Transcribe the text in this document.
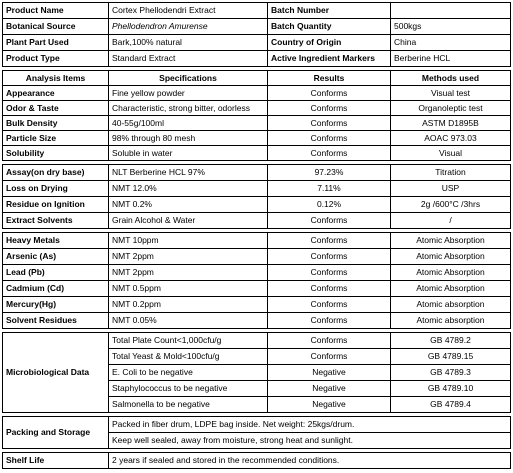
Product Name	Cortex Phellodendri Extract	Batch Number	
Botanical Source	Phellodendron Amurense	Batch Quantity	500kgs
Plant Part Used	Bark,100% natural	Country of Origin	China
Product Type	Standard Extract	Active Ingredient Markers	Berberine HCL

Analysis Items	Specifications	Results	Methods used
Appearance	Fine yellow powder	Conforms	Visual test
Odor & Taste	Characteristic, strong bitter, odorless	Conforms	Organoleptic test
Bulk Density	40-55g/100ml	Conforms	ASTM D1895B
Particle Size	98% through 80 mesh	Conforms	AOAC 973.03
Solubility	Soluble in water	Conforms	Visual

Assay(on dry base)	NLT Berberine HCL 97%	97.23%	Titration
Loss on Drying	NMT 12.0%	7.11%	USP
Residue on Ignition	NMT 0.2%	0.12%	2g /600°C /3hrs
Extract Solvents	Grain Alcohol & Water	Conforms	/

Heavy Metals	NMT 10ppm	Conforms	Atomic Absorption
Arsenic (As)	NMT 2ppm	Conforms	Atomic Absorption
Lead (Pb)	NMT 2ppm	Conforms	Atomic Absorption
Cadmium (Cd)	NMT 0.5ppm	Conforms	Atomic Absorption
Mercury(Hg)	NMT 0.2ppm	Conforms	Atomic absorption
Solvent Residues	NMT 0.05%	Conforms	Atomic absorption

Microbiological Data	Total Plate Count<1,000cfu/g	Conforms	GB 4789.2
	Total Yeast & Mold<100cfu/g	Conforms	GB 4789.15
	E. Coli to be negative	Negative	GB 4789.3
	Staphylococcus to be negative	Negative	GB 4789.10
	Salmonella to be negative	Negative	GB 4789.4

Packing and Storage	Packed in fiber drum, LDPE bag inside. Net weight: 25kgs/drum.		
	Keep well sealed, away from moisture, strong heat and sunlight.		

Shelf Life	2 years if sealed and stored in the recommended conditions.		
